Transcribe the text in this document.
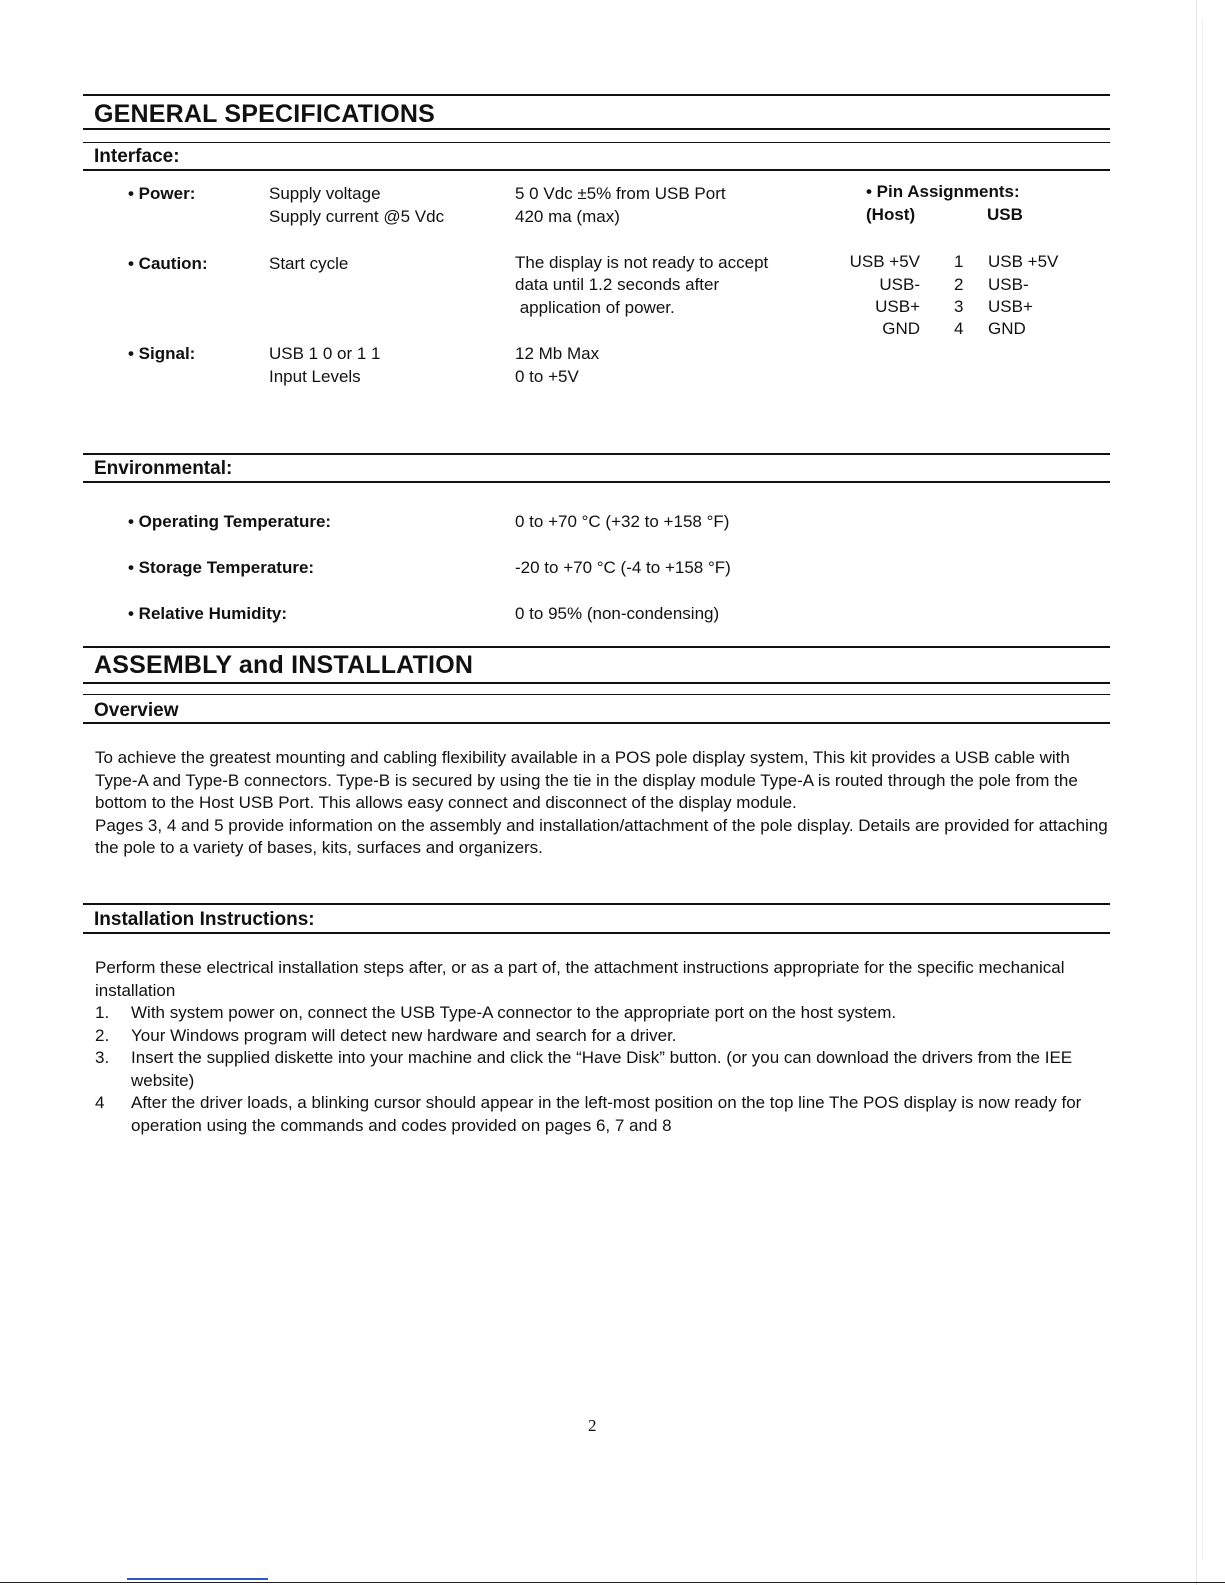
GENERAL SPECIFICATIONS
Interface:
• Power:	Supply voltage	5 0 Vdc ±5% from USB Port
Supply current @5 Vdc	420 ma (max)
• Caution:	Start cycle	The display is not ready to accept
data until 1.2 seconds after
application of power.
• Signal:	USB 1 0 or 1 1	12 Mb Max
Input Levels	0 to +5V
• Pin Assignments:
(Host)	USB
USB +5V 1 USB +5V
USB- 2 USB-
USB+ 3 USB+
GND 4 GND
Environmental:
• Operating Temperature:	0 to +70 °C (+32 to +158 °F)
• Storage Temperature:	-20 to +70 °C (-4 to +158 °F)
• Relative Humidity:	0 to 95% (non-condensing)
ASSEMBLY and INSTALLATION
Overview

To achieve the greatest mounting and cabling flexibility available in a POS pole display system, This kit provides a USB cable with Type-A and Type-B connectors. Type-B is secured by using the tie in the display module Type-A is routed through the pole from the bottom to the Host USB Port. This allows easy connect and disconnect of the display module.

Pages 3, 4 and 5 provide information on the assembly and installation/attachment of the pole display. Details are provided for attaching the pole to a variety of bases, kits, surfaces and organizers.

Installation Instructions:
Perform these electrical installation steps after, or as a part of, the attachment instructions appropriate for the specific mechanical installation
1. With system power on, connect the USB Type-A connector to the appropriate port on the host system.
2. Your Windows program will detect new hardware and search for a driver.
3. Insert the supplied diskette into your machine and click the “Have Disk” button. (or you can download the drivers from the IEE website)
4 After the driver loads, a blinking cursor should appear in the left-most position on the top line The POS display is now ready for operation using the commands and codes provided on pages 6, 7 and 8
2
